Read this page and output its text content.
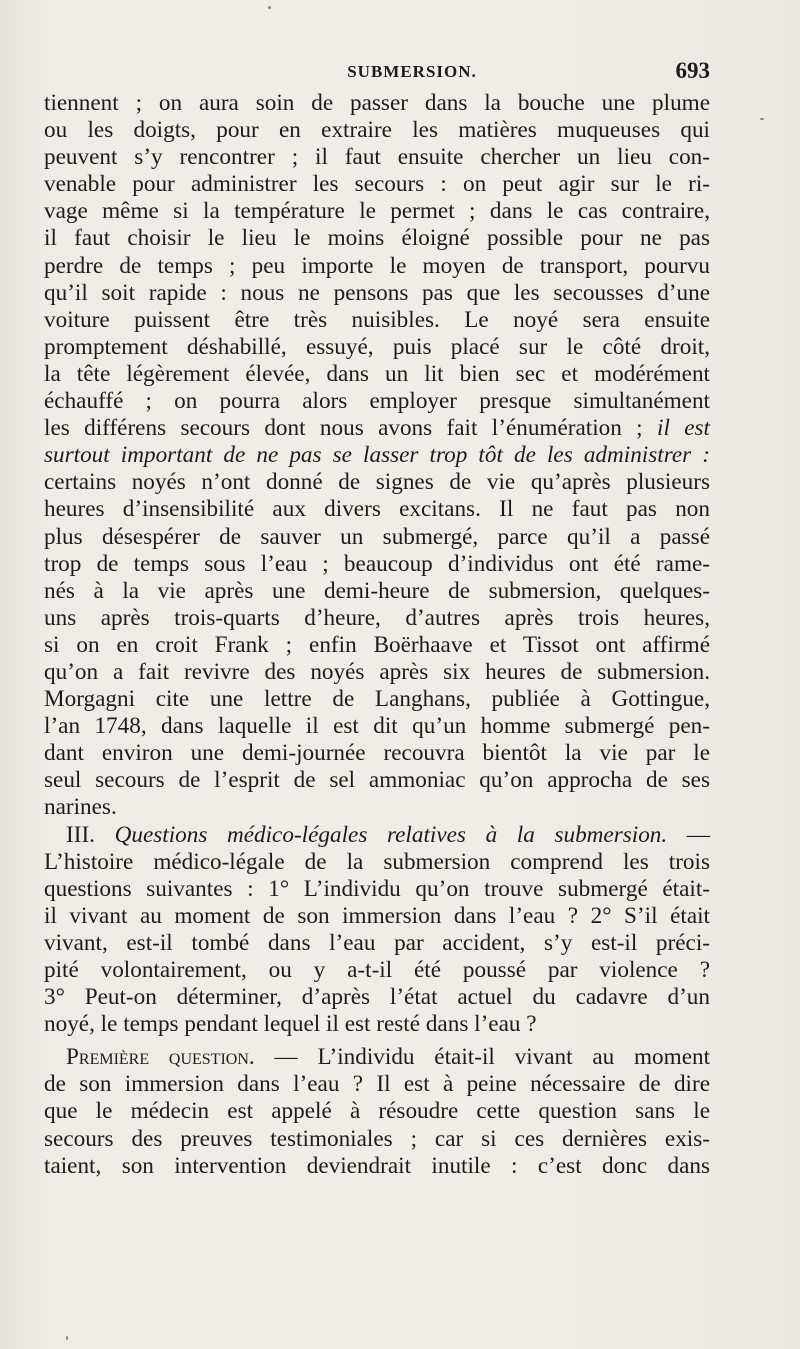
SUBMERSION.	693
tiennent ; on aura soin de passer dans la bouche une plume
ou les doigts, pour en extraire les matières muqueuses qui
peuvent s’y rencontrer ; il faut ensuite chercher un lieu con-
venable pour administrer les secours : on peut agir sur le ri-
vage même si la température le permet ; dans le cas contraire,
il faut choisir le lieu le moins éloigné possible pour ne pas
perdre de temps ; peu importe le moyen de transport, pourvu
qu’il soit rapide : nous ne pensons pas que les secousses d’une
voiture puissent être très nuisibles. Le noyé sera ensuite
promptement déshabillé, essuyé, puis placé sur le côté droit,
la tête légèrement élevée, dans un lit bien sec et modérément
échauffé ; on pourra alors employer presque simultanément
les différens secours dont nous avons fait l’énumération ; il est
surtout important de ne pas se lasser trop tôt de les administrer :
certains noyés n’ont donné de signes de vie qu’après plusieurs
heures d’insensibilité aux divers excitans. Il ne faut pas non
plus désespérer de sauver un submergé, parce qu’il a passé
trop de temps sous l’eau ; beaucoup d’individus ont été rame-
nés à la vie après une demi-heure de submersion, quelques-
uns après trois-quarts d’heure, d’autres après trois heures,
si on en croit Frank ; enfin Boërhaave et Tissot ont affirmé
qu’on a fait revivre des noyés après six heures de submersion.
Morgagni cite une lettre de Langhans, publiée à Gottingue,
l’an 1748, dans laquelle il est dit qu’un homme submergé pen-
dant environ une demi-journée recouvra bientôt la vie par le
seul secours de l’esprit de sel ammoniac qu’on approcha de ses
narines.
III. Questions médico-légales relatives à la submersion. —
L’histoire médico-légale de la submersion comprend les trois
questions suivantes : 1° L’individu qu’on trouve submergé était-
il vivant au moment de son immersion dans l’eau ? 2° S’il était
vivant, est-il tombé dans l’eau par accident, s’y est-il préci-
pité volontairement, ou y a-t-il été poussé par violence ?
3° Peut-on déterminer, d’après l’état actuel du cadavre d’un
noyé, le temps pendant lequel il est resté dans l’eau ?
Première question. — L’individu était-il vivant au moment
de son immersion dans l’eau ? Il est à peine nécessaire de dire
que le médecin est appelé à résoudre cette question sans le
secours des preuves testimoniales ; car si ces dernières exis-
taient, son intervention deviendrait inutile : c’est donc dans
